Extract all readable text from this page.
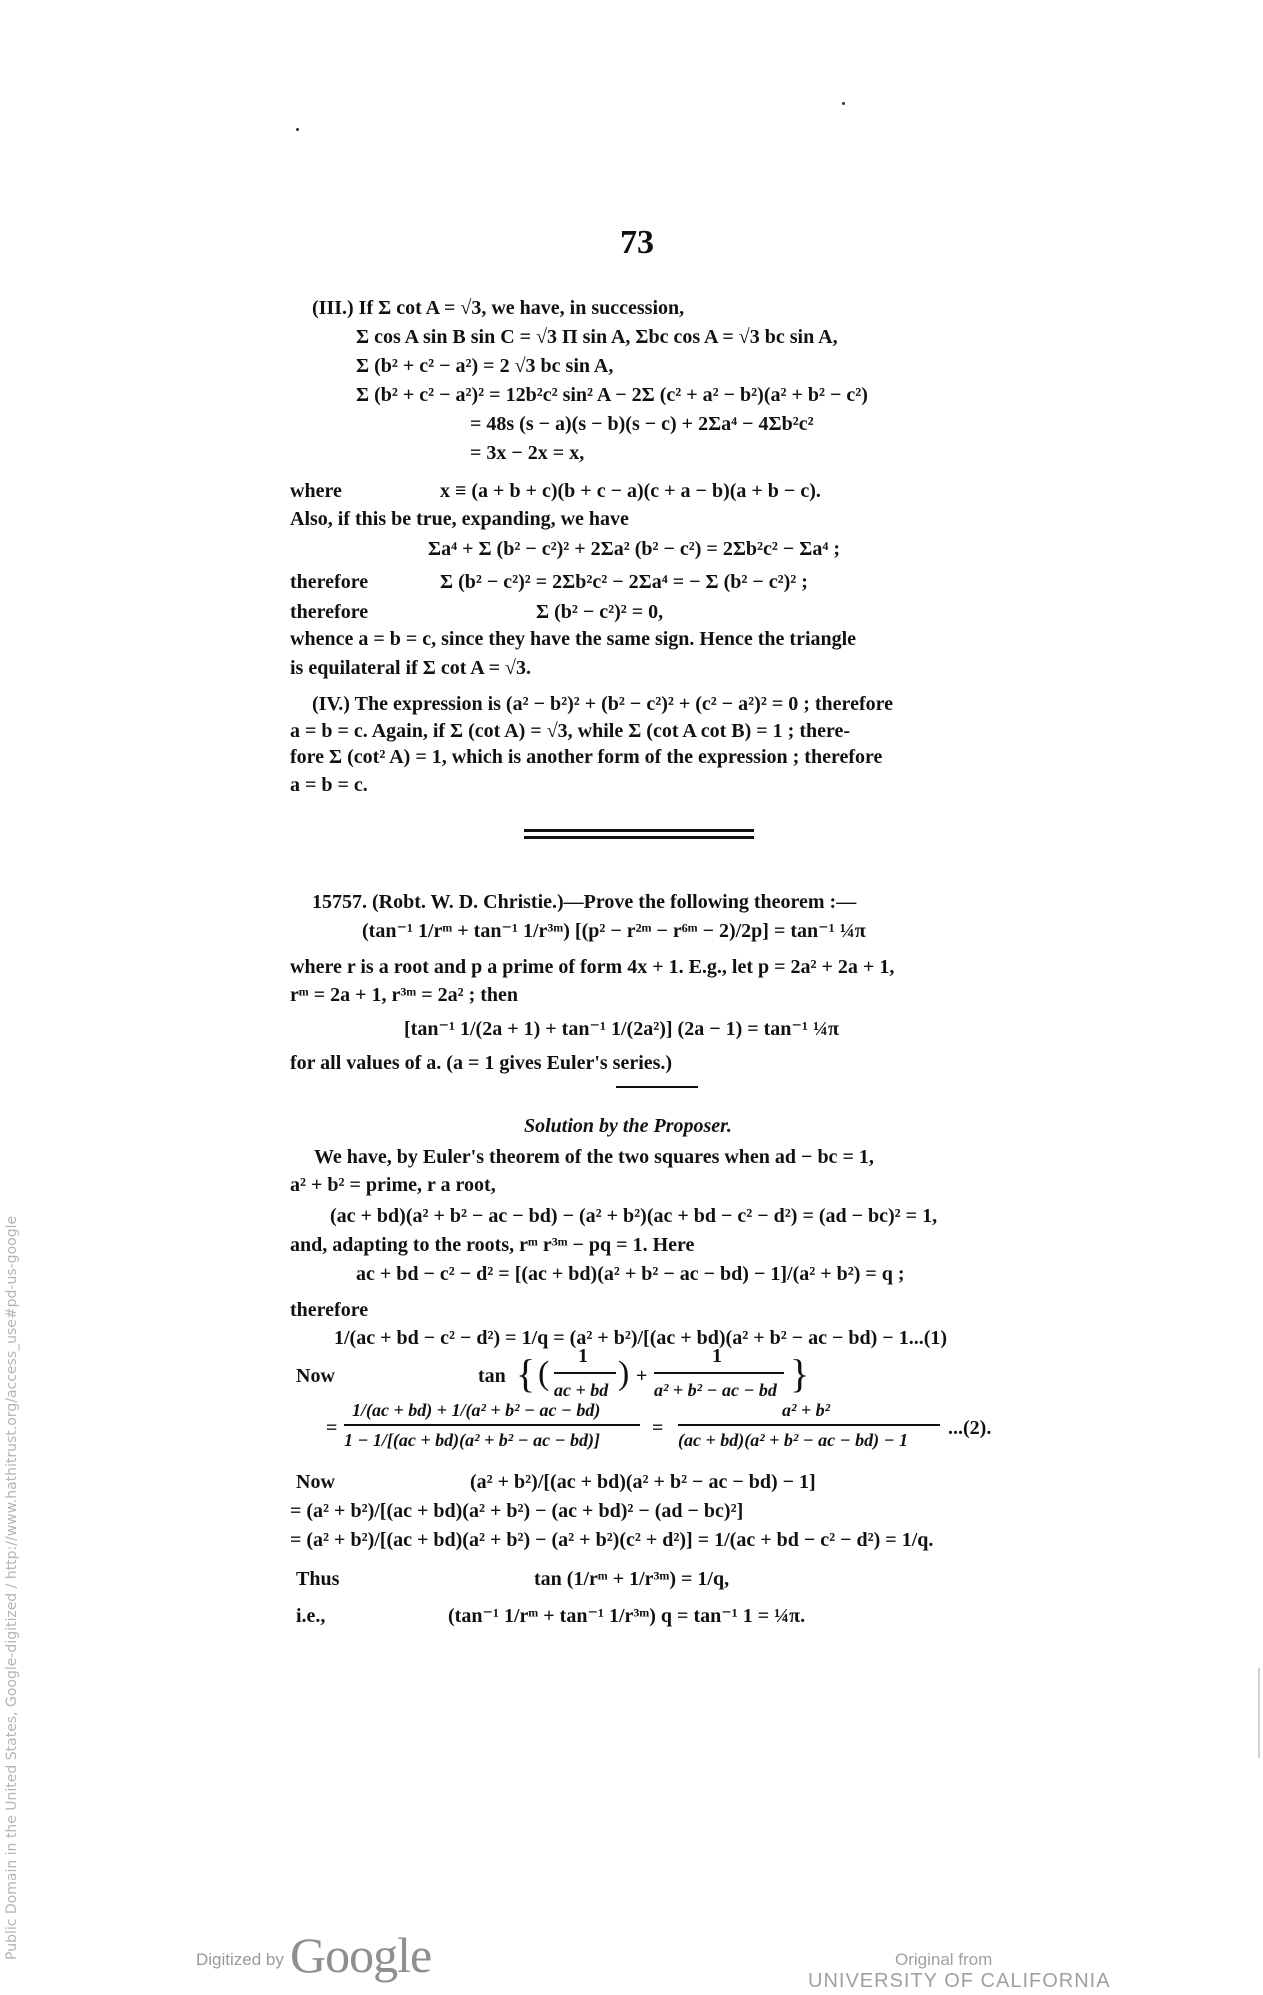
73
(III.) If Σ cot A = √3, we have, in succession,
Σ cos A sin B sin C = √3 Π sin A, Σbc cos A = √3 bc sin A,
Σ (b² + c² − a²) = 2 √3 bc sin A,
Σ (b² + c² − a²)² = 12b²c² sin² A − 2Σ (c² + a² − b²)(a² + b² − c²)
= 48s (s − a)(s − b)(s − c) + 2Σa⁴ − 4Σb²c²
= 3x − 2x = x,
where	x ≡ (a + b + c)(b + c − a)(c + a − b)(a + b − c).
Also, if this be true, expanding, we have
Σa⁴ + Σ (b² − c²)² + 2Σa² (b² − c²) = 2Σb²c² − Σa⁴ ;
therefore	Σ (b² − c²)² = 2Σb²c² − 2Σa⁴ = − Σ (b² − c²)² ;
therefore	Σ (b² − c²)² = 0,
whence a = b = c, since they have the same sign. Hence the triangle
is equilateral if Σ cot A = √3.
(IV.) The expression is (a² − b²)² + (b² − c²)² + (c² − a²)² = 0 ; therefore
a = b = c. Again, if Σ (cot A) = √3, while Σ (cot A cot B) = 1 ; there-
fore Σ (cot² A) = 1, which is another form of the expression ; therefore
a = b = c.
15757. (Robt. W. D. Christie.)—Prove the following theorem :—
(tan⁻¹ 1/rᵐ + tan⁻¹ 1/r³ᵐ) [(p² − r²ᵐ − r⁶ᵐ − 2)/2p] = tan⁻¹ ¼π
where r is a root and p a prime of form 4x + 1. E.g., let p = 2a² + 2a + 1,
rᵐ = 2a + 1, r³ᵐ = 2a² ; then
[tan⁻¹ 1/(2a + 1) + tan⁻¹ 1/(2a²)] (2a − 1) = tan⁻¹ ¼π
for all values of a. (a = 1 gives Euler's series.)
Solution by the Proposer.
We have, by Euler's theorem of the two squares when ad − bc = 1,
a² + b² = prime, r a root,
(ac + bd)(a² + b² − ac − bd) − (a² + b²)(ac + bd − c² − d²) = (ad − bc)² = 1,
and, adapting to the roots, rᵐ r³ᵐ − pq = 1. Here
ac + bd − c² − d² = [(ac + bd)(a² + b² − ac − bd) − 1]/(a² + b²) = q ;
therefore
1/(ac + bd − c² − d²) = 1/q = (a² + b²)/[(ac + bd)(a² + b² − ac − bd) − 1...(1)
Now
Now	(a² + b²)/[(ac + bd)(a² + b² − ac − bd) − 1]
= (a² + b²)/[(ac + bd)(a² + b²) − (ac + bd)² − (ad − bc)²]
= (a² + b²)/[(ac + bd)(a² + b²) − (a² + b²)(c² + d²)] = 1/(ac + bd − c² − d²) = 1/q.
Thus	tan (1/rᵐ + 1/r³ᵐ) = 1/q,
i.e.,	(tan⁻¹ 1/rᵐ + tan⁻¹ 1/r³ᵐ) q = tan⁻¹ 1 = ¼π.
tan { ( 1
ac + bd ) +
1
a² + b² − ac − bd }
=
1/(ac + bd) + 1/(a² + b² − ac − bd)
1 − 1/[(ac + bd)(a² + b² − ac − bd)]
=
a² + b²
(ac + bd)(a² + b² − ac − bd) − 1
...(2).
Public Domain in the United States, Google-digitized / http://www.hathitrust.org/access_use#pd-us-google	Digitized by Google	Original from
UNIVERSITY OF CALIFORNIA
